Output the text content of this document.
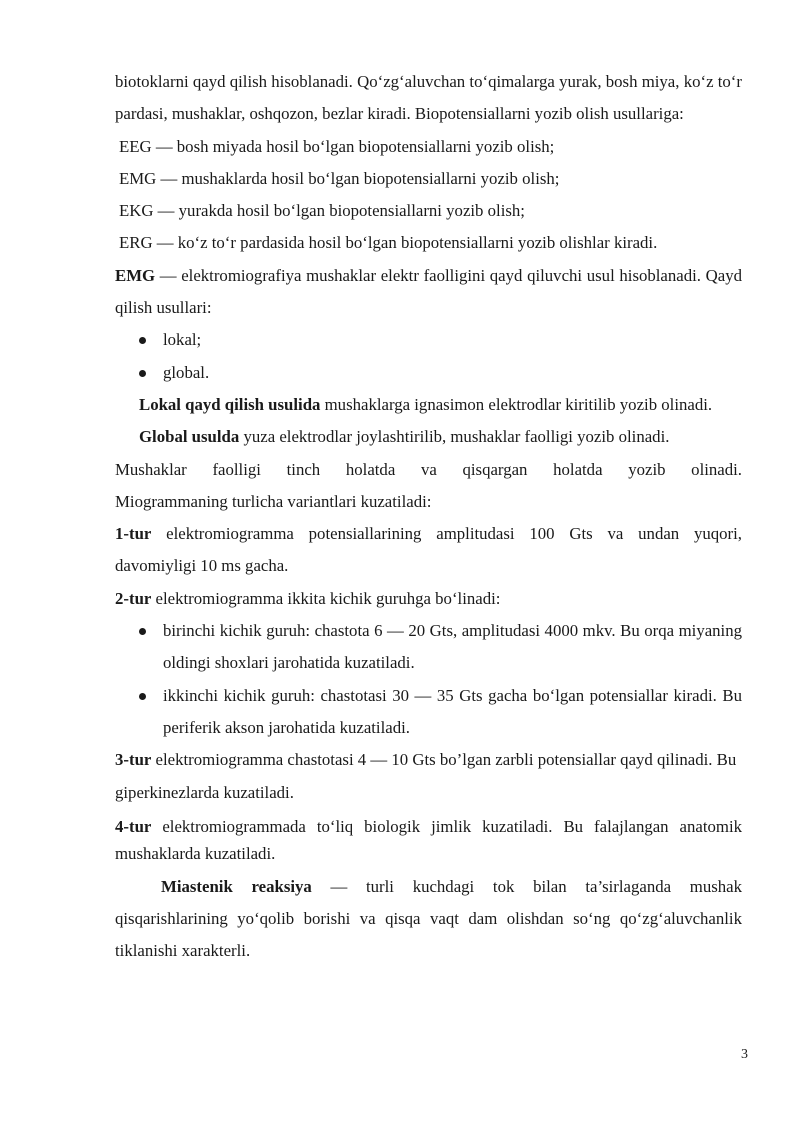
biotoklarni qayd qilish hisoblanadi. Qo‘zg‘aluvchan to‘qimalarga yurak, bosh miya, ko‘z to‘r pardasi, mushaklar, oshqozon, bezlar kiradi. Biopotensiallarni yozib olish usullariga:

EEG — bosh miyada hosil bo‘lgan biopotensiallarni yozib olish;

EMG — mushaklarda hosil bo‘lgan biopotensiallarni yozib olish;

EKG — yurakda hosil bo‘lgan biopotensiallarni yozib olish;

ERG — ko‘z to‘r pardasida hosil bo‘lgan biopotensiallarni yozib olishlar kiradi.

EMG — elektromiografiya mushaklar elektr faolligini qayd qiluvchi usul hisoblanadi. Qayd qilish usullari:

lokal;
global.

Lokal qayd qilish usulida mushaklarga ignasimon elektrodlar kiritilib yozib olinadi.

Global usulda yuza elektrodlar joylashtirilib, mushaklar faolligi yozib olinadi.

Mushaklar faolligi tinch holatda va qisqargan holatda yozib olinadi.

Miogrammaning turlicha variantlari kuzatiladi:

1-tur elektromiogramma potensiallarining amplitudasi 100 Gts va undan yuqori, davomiyligi 10 ms gacha.

2-tur elektromiogramma ikkita kichik guruhga bo‘linadi:

birinchi kichik guruh: chastota 6 — 20 Gts, amplitudasi 4000 mkv. Bu orqa miyaning oldingi shoxlari jarohatida kuzatiladi.
ikkinchi kichik guruh: chastotasi 30 — 35 Gts gacha bo‘lgan potensiallar kiradi. Bu periferik akson jarohatida kuzatiladi.

3-tur elektromiogramma chastotasi 4 — 10 Gts bo’lgan zarbli potensiallar qayd qilinadi. Bu giperkinezlarda kuzatiladi.

4-tur elektromiogrammada to‘liq biologik jimlik kuzatiladi. Bu falajlangan anatomik mushaklarda kuzatiladi.

Miastenik reaksiya — turli kuchdagi tok bilan ta’sirlaganda mushak qisqarishlarining yo‘qolib borishi va qisqa vaqt dam olishdan so‘ng qo‘zg‘aluvchanlik tiklanishi xarakterli.

3
